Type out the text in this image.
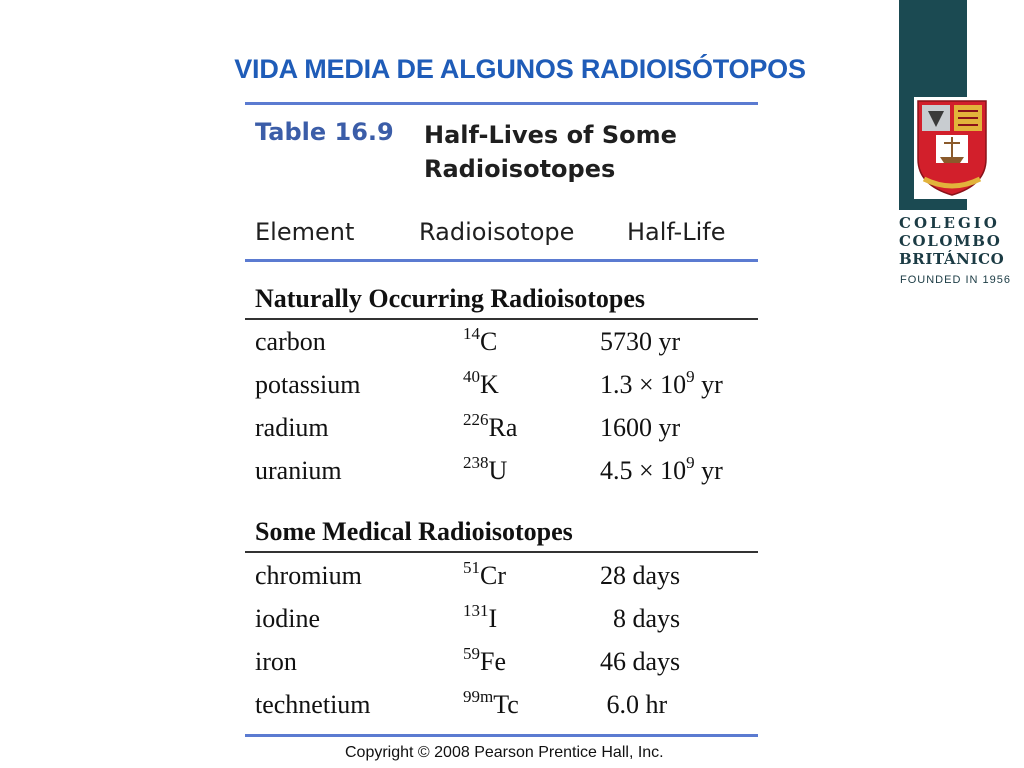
VIDA MEDIA DE ALGUNOS RADIOISÓTOPOS
Table 16.9 Half-Lives of Some
Radioisotopes
Element	Radioisotope Half-Life
Naturally Occurring Radioisotopes
carbon	$^{14}$C	5730 yr
potassium	$^{40}$K	$1.3 \times 10^9$ yr
radium	$^{226}$Ra	1600 yr
uranium	$^{238}$U	$4.5 \times 10^9$ yr
Some Medical Radioisotopes
chromium	$^{51}$Cr	28 days
iodine	$^{131}$I	8 days
iron	$^{59}$Fe	46 days
technetium	$^{99m}$Tc	6.0 hr
Copyright © 2008 Pearson Prentice Hall, Inc.
COLEGIO
COLOMBO
BRITÁNICO
FOUNDED IN 1956
